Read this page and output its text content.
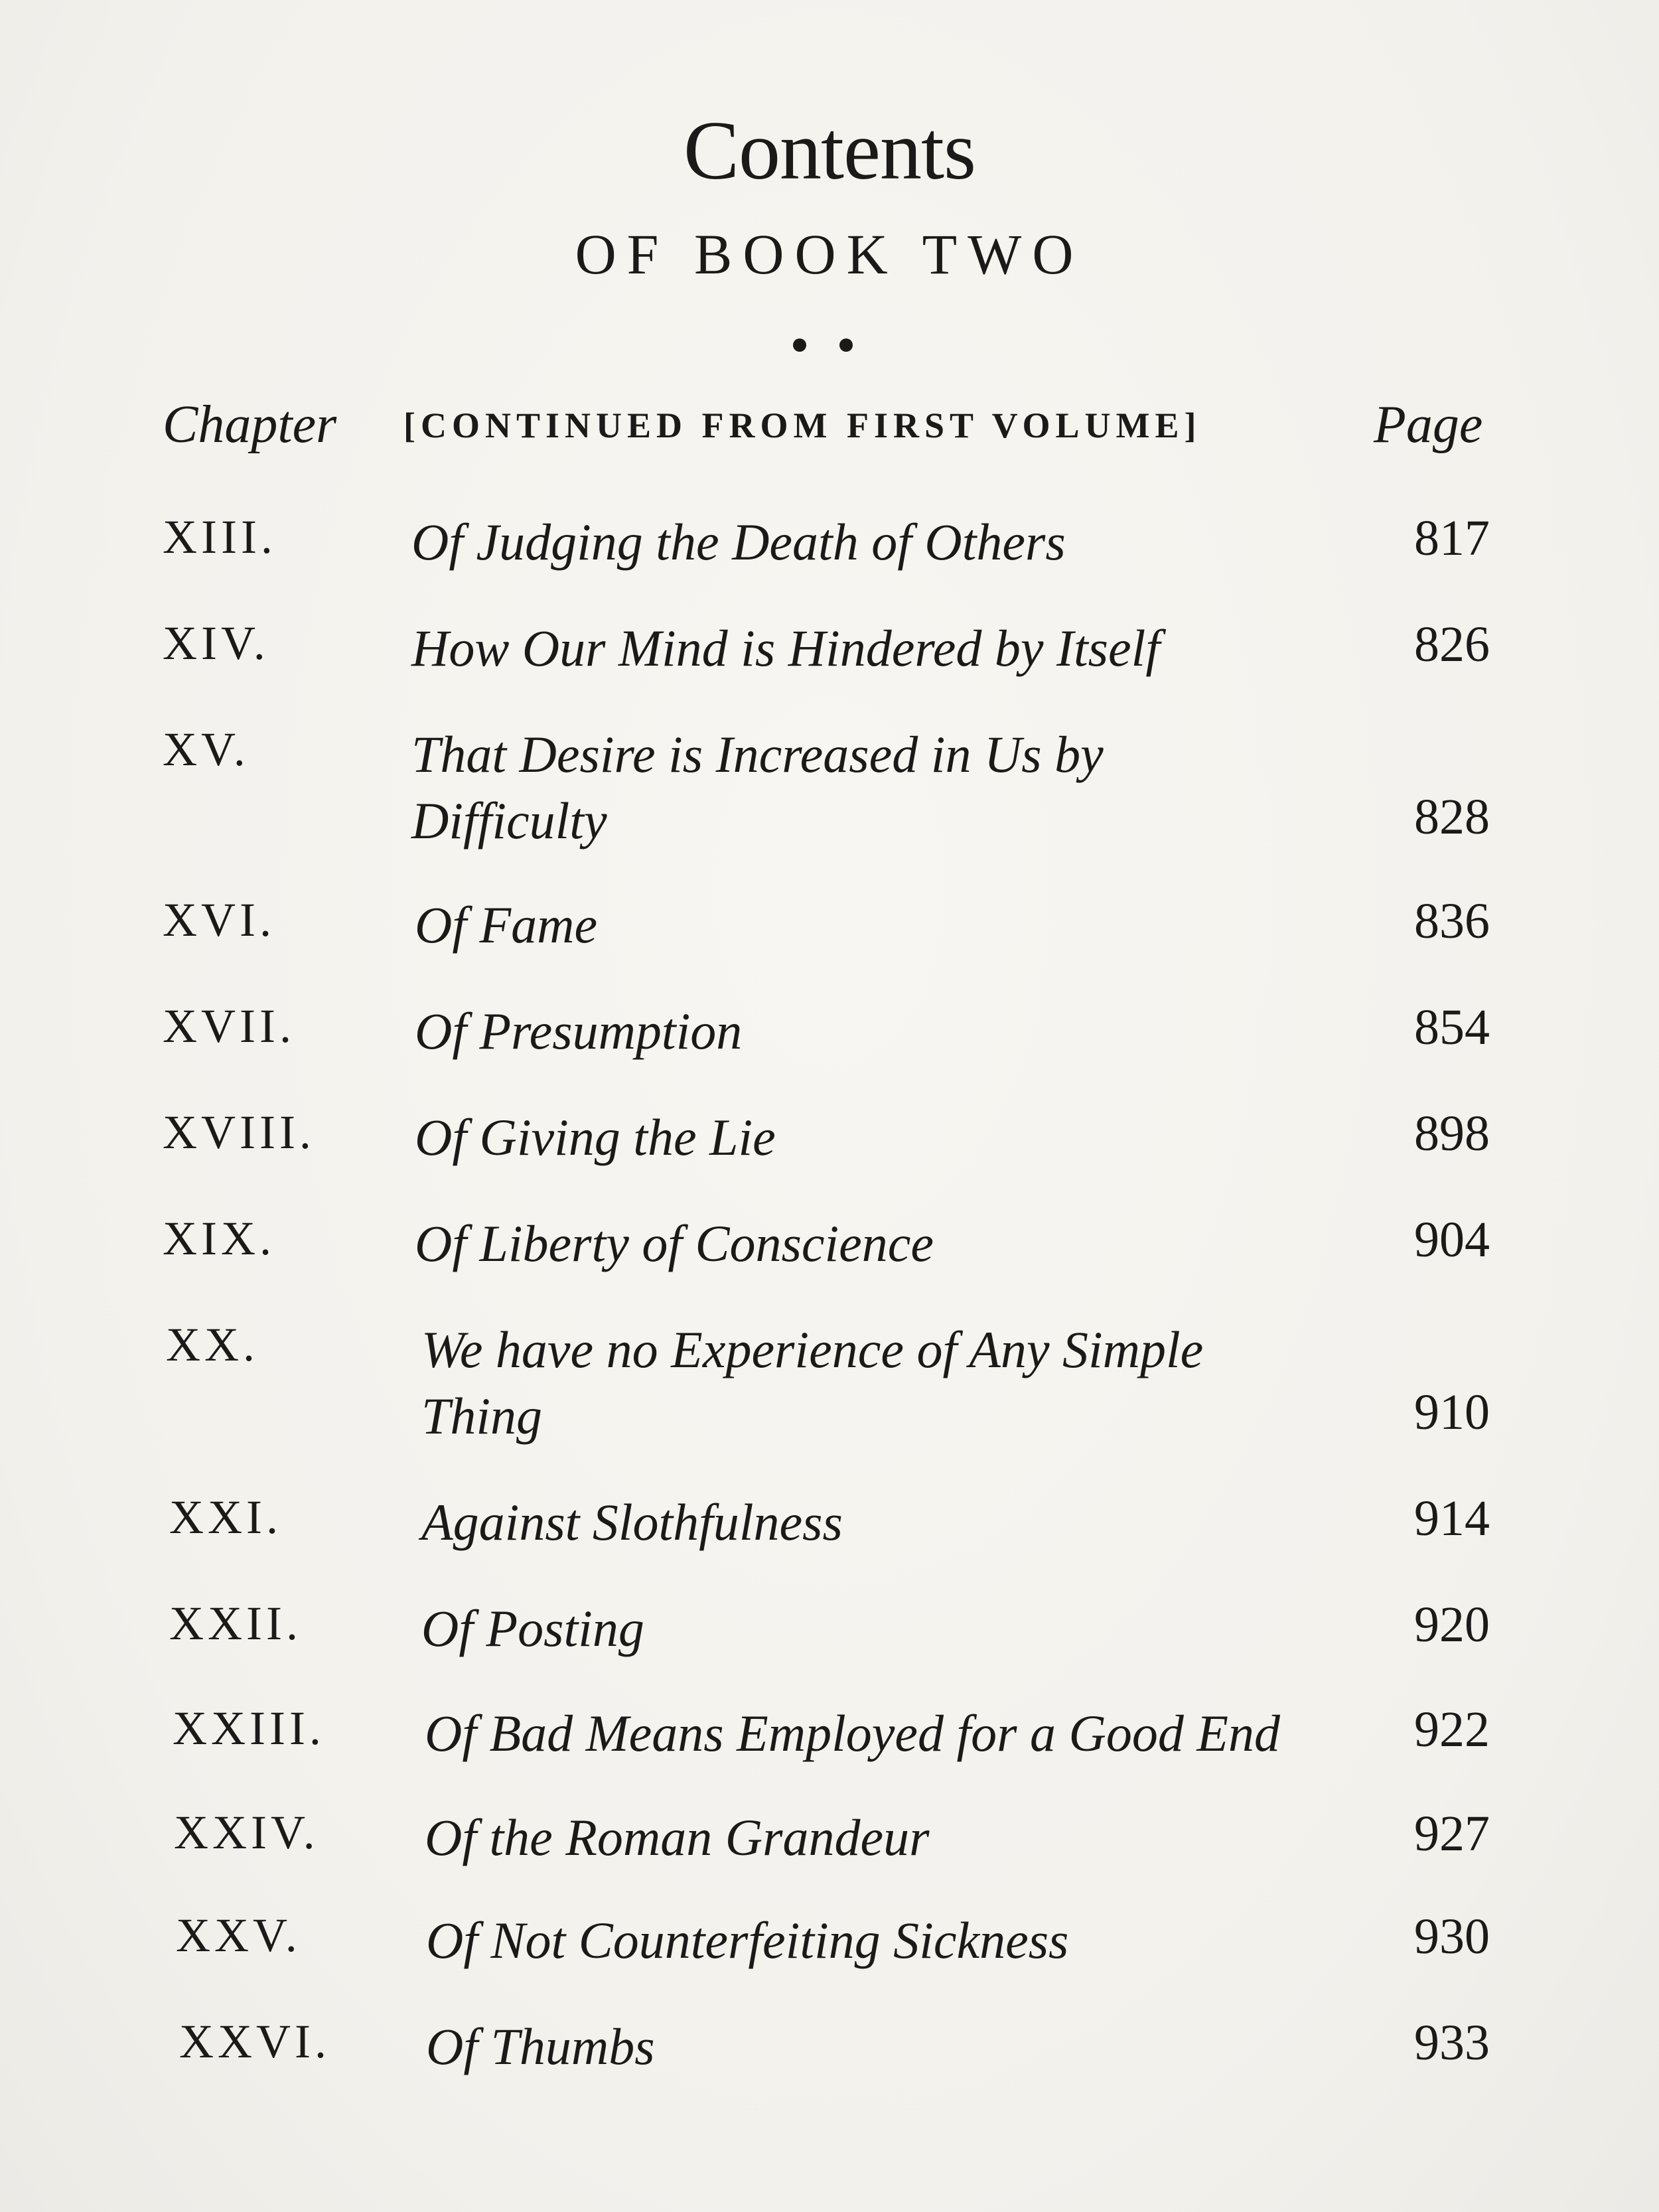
Contents
OF BOOK TWO
Chapter [CONTINUED FROM FIRST VOLUME]	Page
XIII.	Of Judging the Death of Others	817
XIV.	How Our Mind is Hindered by Itself	826
XV.	That Desire is Increased in Us by Difficulty	828
XVI.	Of Fame	836
XVII. Of Presumption	854
XVIII. Of Giving the Lie	898
XIX.	Of Liberty of Conscience	904
XX.	We have no Experience of Any Simple Thing	910
XXI.	Against Slothfulness	914
XXII. Of Posting	920
XXIII. Of Bad Means Employed for a Good End	922
XXIV. Of the Roman Grandeur	927
XXV. Of Not Counterfeiting Sickness	930
XXVI. Of Thumbs	933
